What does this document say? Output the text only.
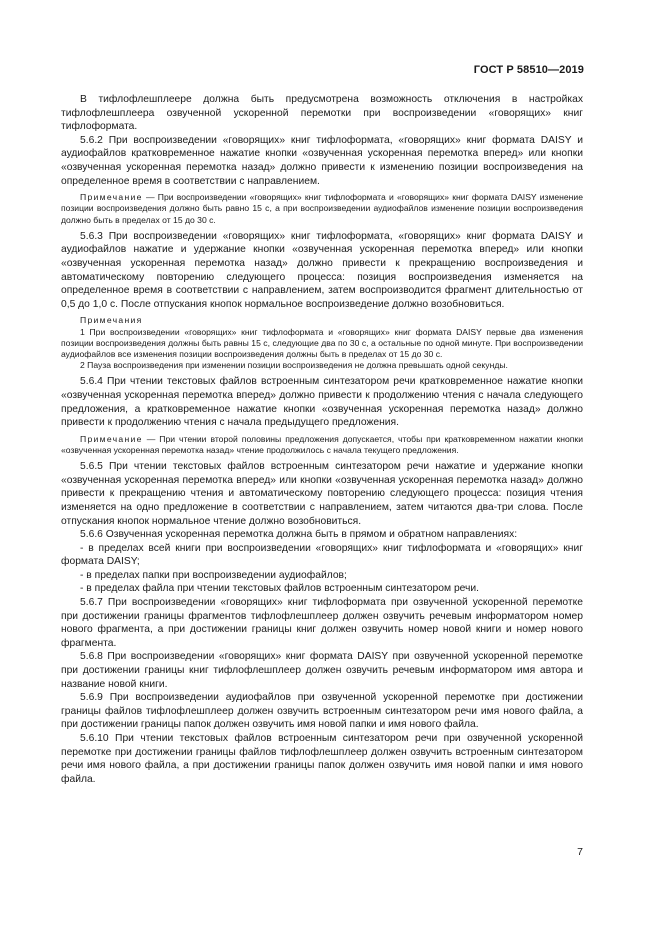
ГОСТ Р 58510—2019

В тифлофлешплеере должна быть предусмотрена возможность отключения в настройках тифлофлешплеера озвученной ускоренной перемотки при воспроизведении «говорящих» книг тифлоформата.

5.6.2 При воспроизведении «говорящих» книг тифлоформата, «говорящих» книг формата DAISY и аудиофайлов кратковременное нажатие кнопки «озвученная ускоренная перемотка вперед» или кнопки «озвученная ускоренная перемотка назад» должно привести к изменению позиции воспроизведения на определенное время в соответствии с направлением.

Примечание — При воспроизведении «говорящих» книг тифлоформата и «говорящих» книг формата DAISY изменение позиции воспроизведения должно быть равно 15 с, а при воспроизведении аудиофайлов изменение позиции воспроизведения должно быть в пределах от 15 до 30 с.

5.6.3 При воспроизведении «говорящих» книг тифлоформата, «говорящих» книг формата DAISY и аудиофайлов нажатие и удержание кнопки «озвученная ускоренная перемотка вперед» или кнопки «озвученная ускоренная перемотка назад» должно привести к прекращению воспроизведения и автоматическому повторению следующего процесса: позиция воспроизведения изменяется на определенное время в соответствии с направлением, затем воспроизводится фрагмент длительностью от 0,5 до 1,0 с. После отпускания кнопок нормальное воспроизведение должно возобновиться.

Примечания

1 При воспроизведении «говорящих» книг тифлоформата и «говорящих» книг формата DAISY первые два изменения позиции воспроизведения должны быть равны 15 с, следующие два по 30 с, а остальные по одной минуте. При воспроизведении аудиофайлов все изменения позиции воспроизведения должны быть в пределах от 15 до 30 с.

2 Пауза воспроизведения при изменении позиции воспроизведения не должна превышать одной секунды.

5.6.4 При чтении текстовых файлов встроенным синтезатором речи кратковременное нажатие кнопки «озвученная ускоренная перемотка вперед» должно привести к продолжению чтения с начала следующего предложения, а кратковременное нажатие кнопки «озвученная ускоренная перемотка назад» должно привести к продолжению чтения с начала предыдущего предложения.

Примечание — При чтении второй половины предложения допускается, чтобы при кратковременном нажатии кнопки «озвученная ускоренная перемотка назад» чтение продолжилось с начала текущего предложения.

5.6.5 При чтении текстовых файлов встроенным синтезатором речи нажатие и удержание кнопки «озвученная ускоренная перемотка вперед» или кнопки «озвученная ускоренная перемотка назад» должно привести к прекращению чтения и автоматическому повторению следующего процесса: позиция чтения изменяется на одно предложение в соответствии с направлением, затем читаются два-три слова. После отпускания кнопок нормальное чтение должно возобновиться.

5.6.6 Озвученная ускоренная перемотка должна быть в прямом и обратном направлениях:

- в пределах всей книги при воспроизведении «говорящих» книг тифлоформата и «говорящих» книг формата DAISY;

- в пределах папки при воспроизведении аудиофайлов;

- в пределах файла при чтении текстовых файлов встроенным синтезатором речи.

5.6.7 При воспроизведении «говорящих» книг тифлоформата при озвученной ускоренной перемотке при достижении границы фрагментов тифлофлешплеер должен озвучить речевым информатором номер нового фрагмента, а при достижении границы книг должен озвучить номер новой книги и номер нового фрагмента.

5.6.8 При воспроизведении «говорящих» книг формата DAISY при озвученной ускоренной перемотке при достижении границы книг тифлофлешплеер должен озвучить речевым информатором имя автора и название новой книги.

5.6.9 При воспроизведении аудиофайлов при озвученной ускоренной перемотке при достижении границы файлов тифлофлешплеер должен озвучить встроенным синтезатором речи имя нового файла, а при достижении границы папок должен озвучить имя новой папки и имя нового файла.

5.6.10 При чтении текстовых файлов встроенным синтезатором речи при озвученной ускоренной перемотке при достижении границы файлов тифлофлешплеер должен озвучить встроенным синтезатором речи имя нового файла, а при достижении границы папок должен озвучить имя новой папки и имя нового файла.

7
